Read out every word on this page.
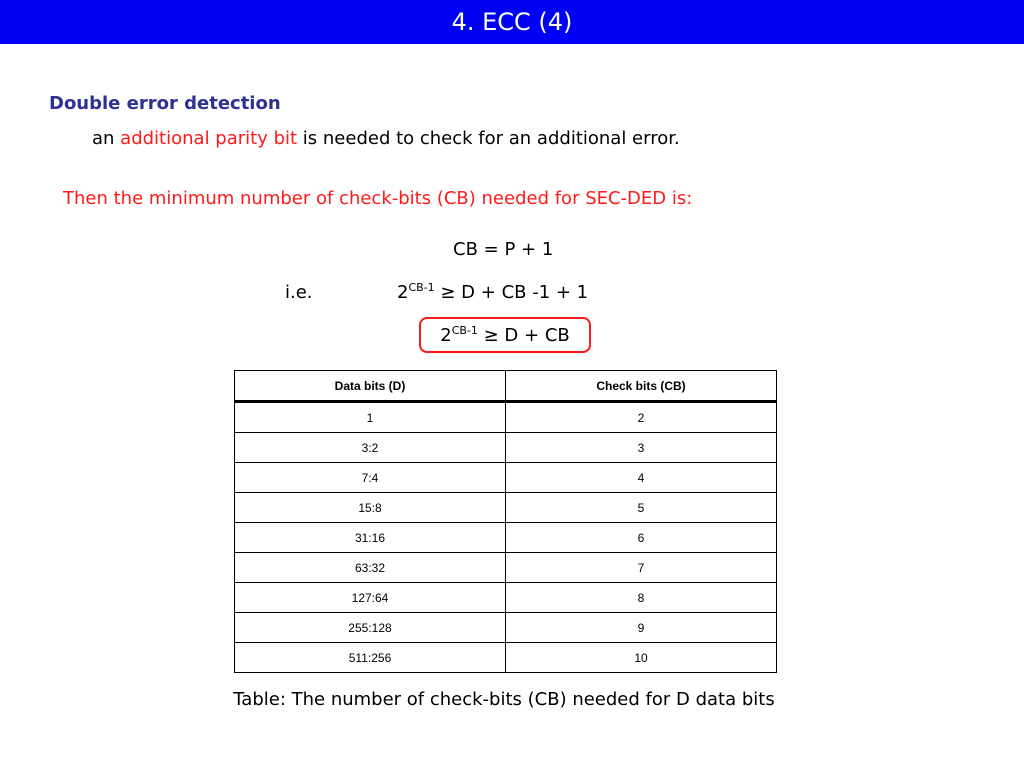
4. ECC (4)
Double error detection
an additional parity bit is needed to check for an additional error.
Then the minimum number of check-bits (CB) needed for SEC-DED is:
CB = P + 1
i.e.	$2^{CB-1} \ge D$ + CB -1 + 1
$2^{CB-1} \ge D$ + CB
Data bits (D)	Check bits (CB)
1	2
3:2	3
7:4	4
15:8	5
31:16	6
63:32	7
127:64	8
255:128	9
511:256	10
Table: The number of check-bits (CB) needed for D data bits
